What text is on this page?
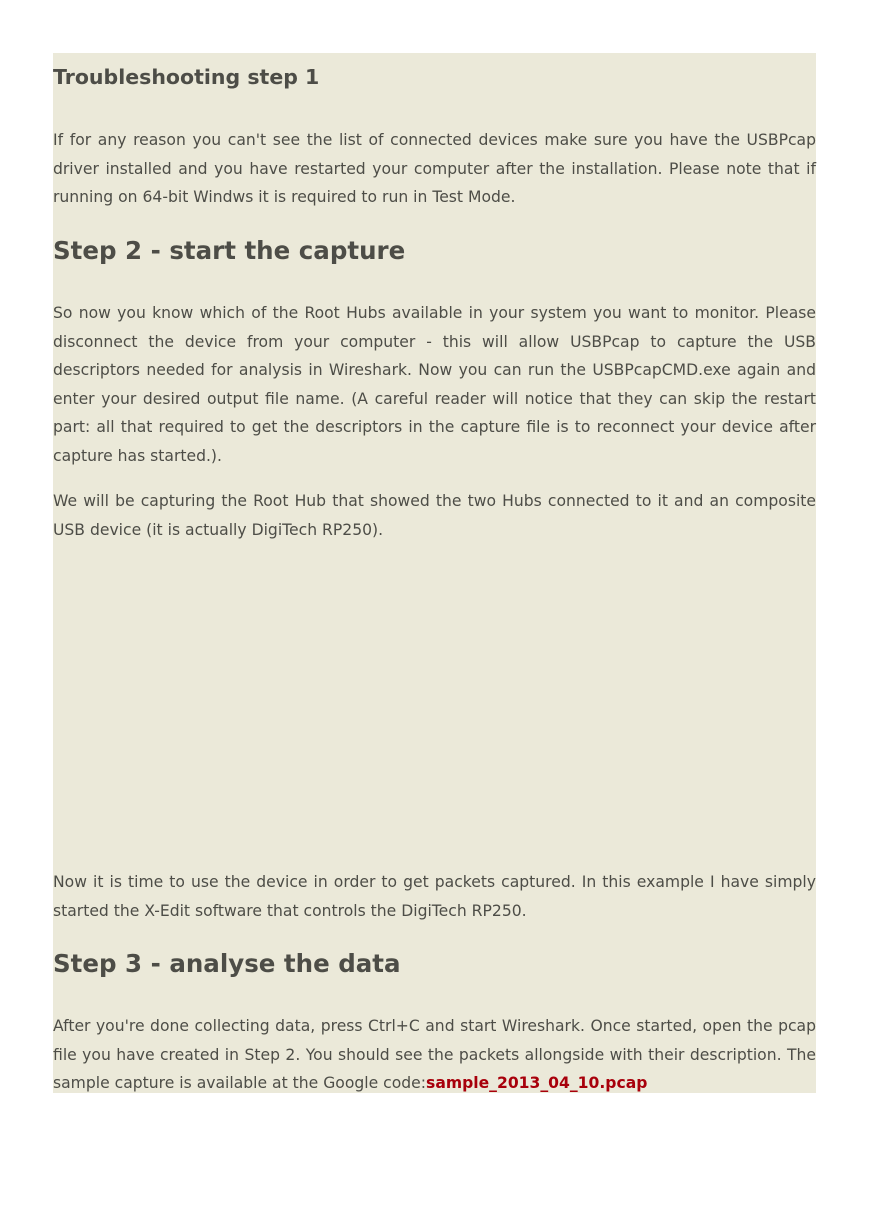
Troubleshooting step 1

If for any reason you can't see the list of connected devices make sure you have the USBPcap driver installed and you have restarted your computer after the installation. Please note that if running on 64-bit Windws it is required to run in Test Mode.

Step 2 - start the capture

So now you know which of the Root Hubs available in your system you want to monitor. Please disconnect the device from your computer - this will allow USBPcap to capture the USB descriptors needed for analysis in Wireshark. Now you can run the USBPcapCMD.exe again and enter your desired output file name. (A careful reader will notice that they can skip the restart part: all that required to get the descriptors in the capture file is to reconnect your device after capture has started.).

We will be capturing the Root Hub that showed the two Hubs connected to it and an composite USB device (it is actually DigiTech RP250).

Now it is time to use the device in order to get packets captured. In this example I have simply started the X-Edit software that controls the DigiTech RP250.

Step 3 - analyse the data

After you're done collecting data, press Ctrl+C and start Wireshark. Once started, open the pcap file you have created in Step 2. You should see the packets allongside with their description. The sample capture is available at the Google code:sample_2013_04_10.pcap
